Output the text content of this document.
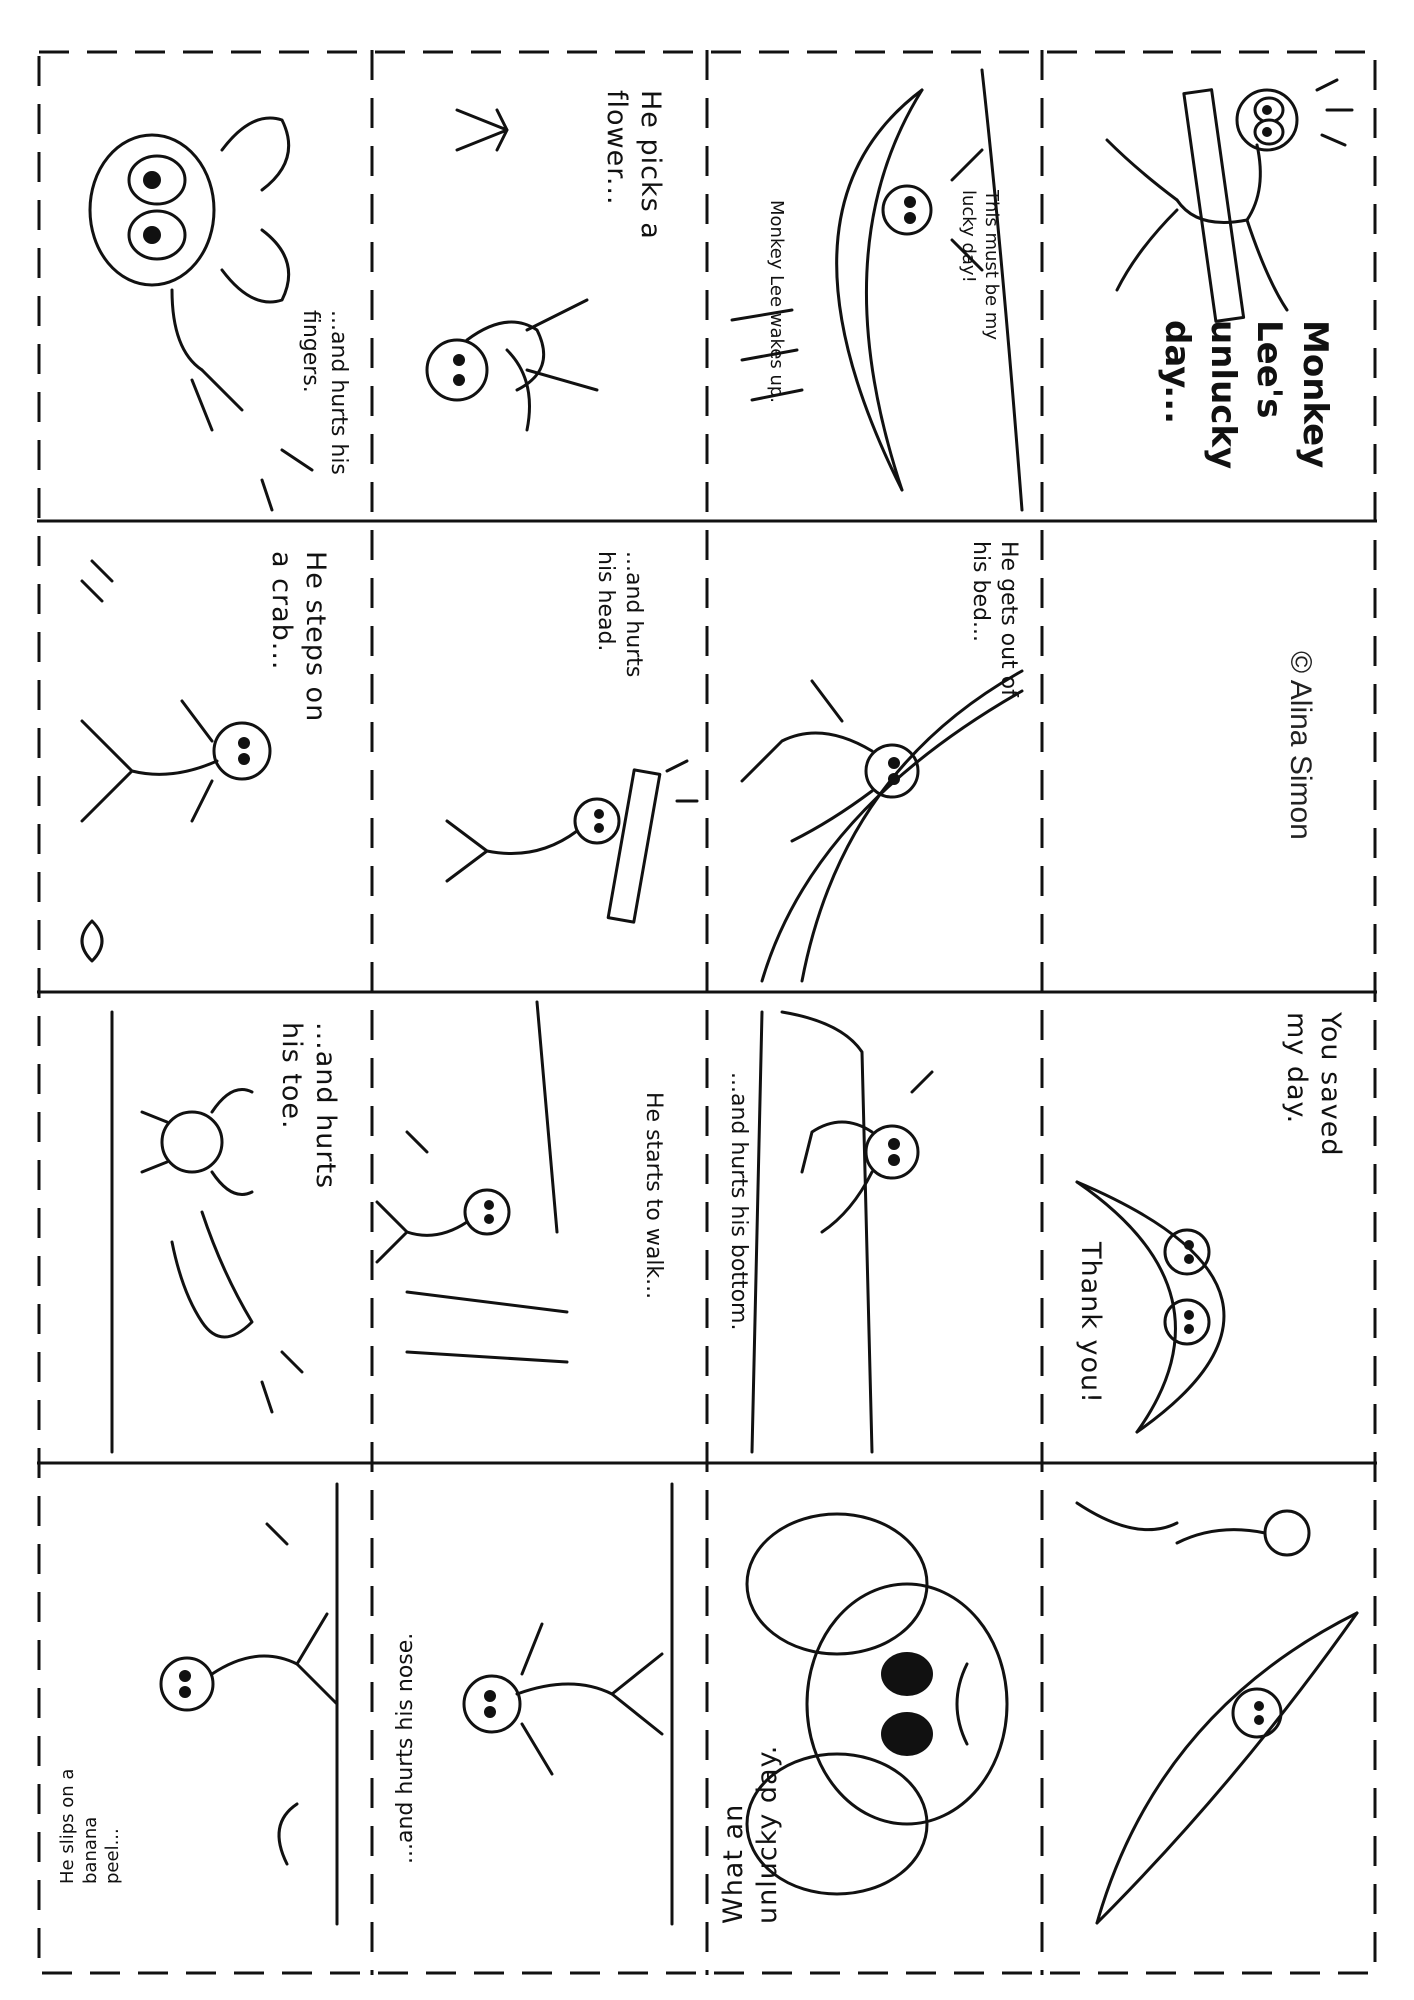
Monkey Lee's
unlucky
day...
Monkey Lee wakes up.	This must be my
lucky day!
He picks a
flower...
...and hurts his
fingers.
© Alina Simon
He gets out of
his bed...
...and hurts
his head.
He steps on
a crab...
Thank you!
You saved
my day.
...and hurts his bottom.
He starts to walk...
...and hurts
his toe.
What an
unlucky day.
...and hurts his nose.
He slips on a
banana
peel...
